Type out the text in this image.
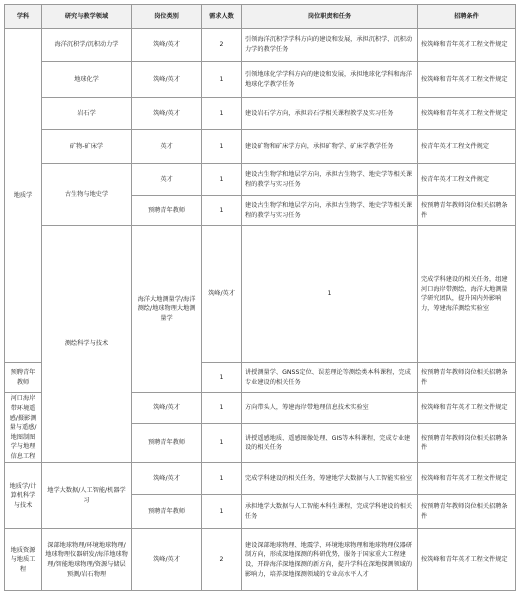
学科	研究与教学领域	岗位类别	需求人数	岗位职责和任务	招聘条件	
地质学	海洋沉积学/沉积动力学	筑峰/英才	2	引领海洋沉积学学科方向的建设和发展，承担沉积学、沉积动力学的教学任务	按筑峰和青年英才工程文件规定	
	地球化学	筑峰/英才	1	引领地球化学学科方向的建设和发展，承担地球化学科和海洋地球化学教学任务	按筑峰和青年英才工程文件规定	
	岩石学	筑峰/英才	1	建设岩石学方向，承担岩石学相关课程教学及实习任务	按筑峰和青年英才工程文件规定	
	矿物-矿床学	英才	1	建设矿物和矿床学方向，承担矿物学、矿床学教学任务	按青年英才工程文件规定	
	古生物与地史学	英才	1	建设古生物学和地层学方向，承担古生物学、地史学等相关课程的教学与实习任务	按青年英才工程文件规定	
		预聘青年教师	1	建设古生物学和地层学方向，承担古生物学、地史学等相关课程的教学与实习任务	按预聘青年教师岗位相关招聘条件	
	测绘科学与技术	海洋大地测量学/海洋测绘/地球物理大地测量学	筑峰/英才	1	完成学科建设的相关任务，组建河口海岸带测绘、海洋大地测量学研究团队，提升国内外影响力，筹建海洋测绘实验室	
预聘青年教师			1	讲授测量学、GNSS定位、误差理论等测绘类本科课程，完成专业建设的相关任务	按预聘青年教师岗位相关招聘条件	
河口海岸带环境遥感/摄影测量与遥感/地图制图学与地理信息工程		筑峰/英才	1	方向带头人，筹建海岸带地理信息技术实验室	按筑峰和青年英才工程文件规定	
		预聘青年教师	1	讲授遥感地质、遥感图像处理、GIS等本科课程，完成专业建设的相关任务	按预聘青年教师岗位相关招聘条件	
地质学/计算机科学与技术	地学大数据/人工智能/机器学习	筑峰/英才	1	完成学科建设的相关任务，筹建地学大数据与人工智能实验室	按筑峰和青年英才工程文件规定	
		预聘青年教师	1	承担地学大数据与人工智能本科生课程，完成学科建设的相关任务	按预聘青年教师岗位相关招聘条件	
地质资源与地质工程	深部地球物理/环境地球物理/地球物理仪器研发/海洋地球物理/智能地球物理/资源与储层预测/岩石物理	筑峰/英才	2	建设深部地球物理、地震学、环境地球物理和地球物理仪器研制方向，形成深地探测的科研优势，服务于国家重大工程建设，开辟海洋深地探测的新方向，提升学科在深地探测领域的影响力，培养深地探测领域的专业高水平人才	按筑峰和青年英才工程文件规定	
